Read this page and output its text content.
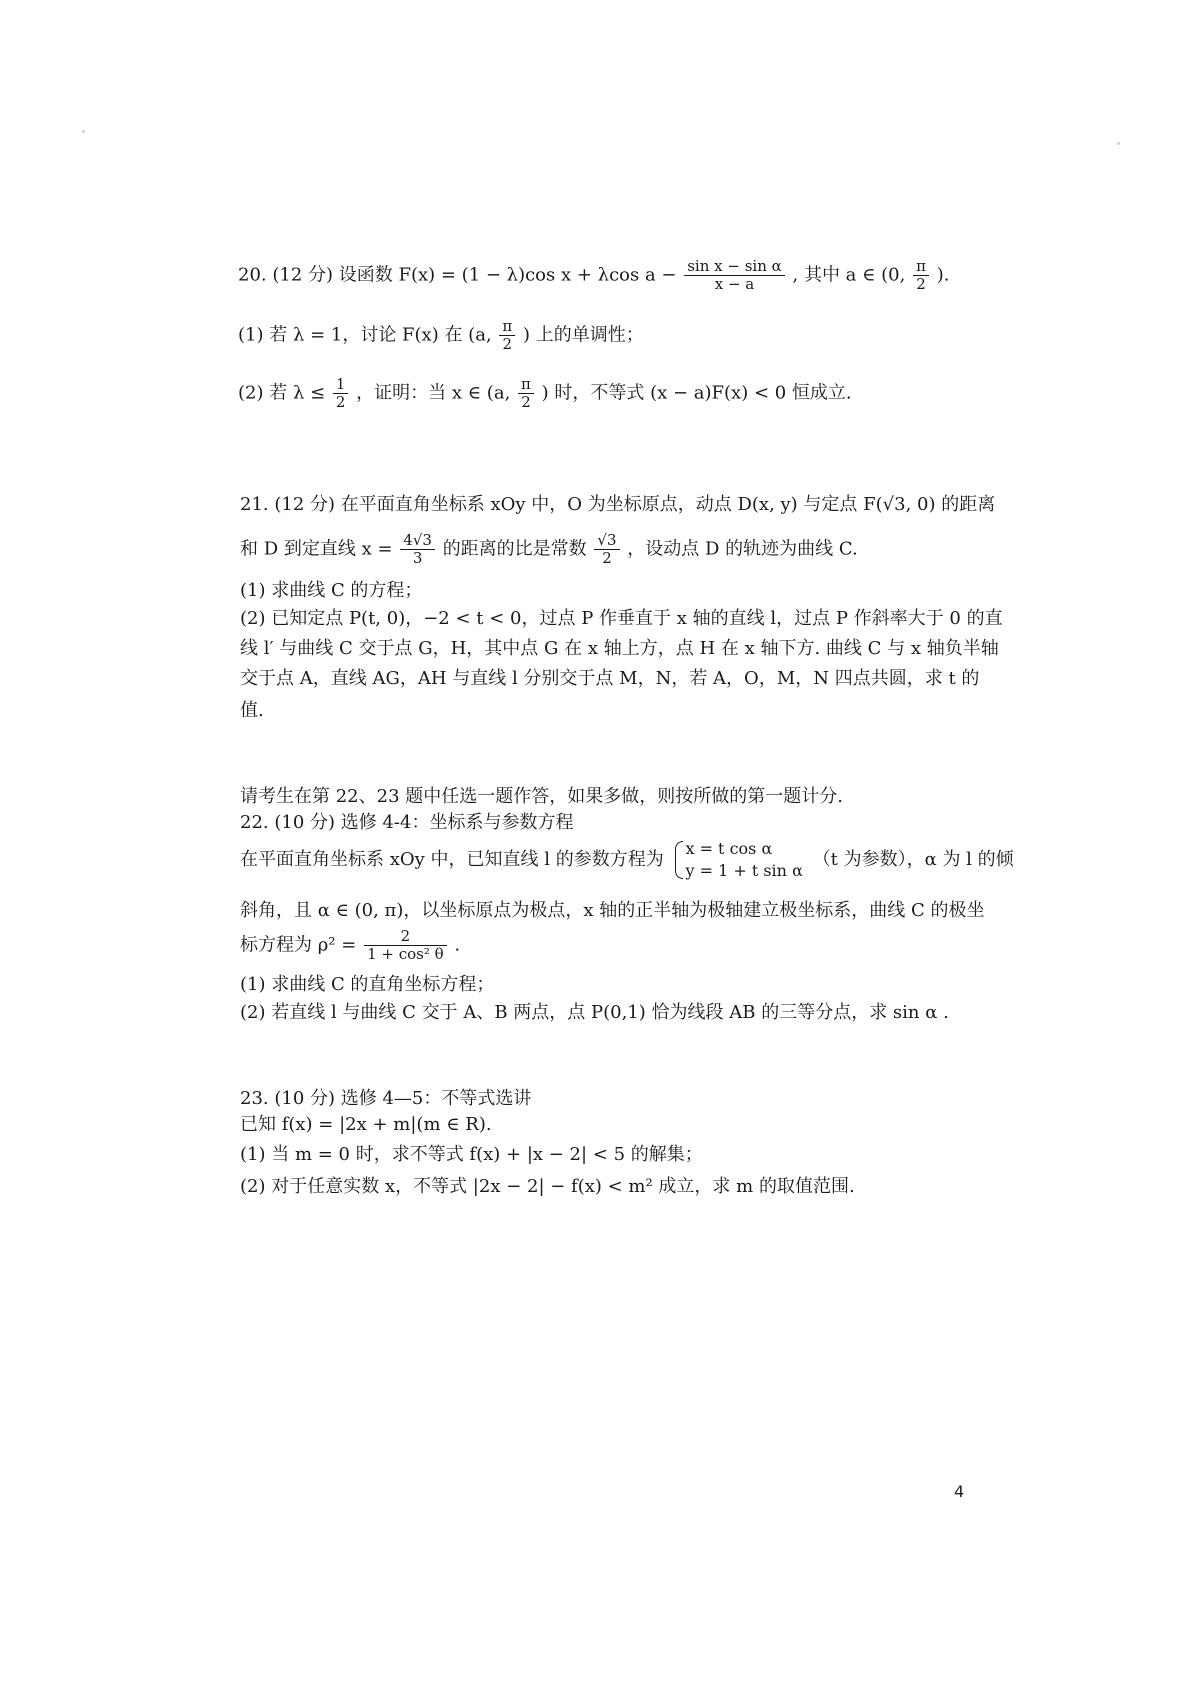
20. (12 分) 设函数 F(x) = (1 − λ)cos x + λcos $a - \frac{\text{sin x − sin α}}{x - a}$ , 其中 a ∈ (0, $\frac{\pi}{2}$ ).
(1) 若 λ = 1，讨论 F(x) 在 (a, $\frac{\pi}{2}$ ) 上的单调性；
(2) 若 $\lambda \le \frac{1}{2}$ ，证明：当 x ∈ (a, $\frac{\pi}{2}$ ) 时，不等式 (x − a)F(x) < 0 恒成立.
21. (12 分) 在平面直角坐标系 xOy 中，O 为坐标原点，动点 D(x, y) 与定点 F(√3, 0) 的距离
和 D 到定直线 $x = \frac{4√3}{3}$ 的距离的比是常数 $\frac{√3}{2}$ ，设动点 D 的轨迹为曲线 C.
(1) 求曲线 C 的方程；
(2) 已知定点 P(t, 0)，−2 < t < 0，过点 P 作垂直于 x 轴的直线 l，过点 P 作斜率大于 0 的直
线 l′ 与曲线 C 交于点 G，H，其中点 G 在 x 轴上方，点 H 在 x 轴下方. 曲线 C 与 x 轴负半轴
交于点 A，直线 AG，AH 与直线 l 分别交于点 M，N，若 A，O，M，N 四点共圆，求 t 的
值.
请考生在第 22、23 题中任选一题作答，如果多做，则按所做的第一题计分.
22. (10 分) 选修 4-4：坐标系与参数方程
在平面直角坐标系 xOy 中，已知直线 l 的参数方程为
x = t cos α
y = 1 + t sin α
（t 为参数），α 为 l 的倾
斜角，且 α ∈ (0, π)，以坐标原点为极点，x 轴的正半轴为极轴建立极坐标系，曲线 C 的极坐
标方程为 $\rho^2 = \frac{2}{\text{1 + cos² θ}}$ .
(1) 求曲线 C 的直角坐标方程；
(2) 若直线 l 与曲线 C 交于 A、B 两点，点 P(0,1) 恰为线段 AB 的三等分点，求 sin α .
23. (10 分) 选修 4—5：不等式选讲
已知 f(x) = |2x + m|(m ∈ R).
(1) 当 m = 0 时，求不等式 f(x) + |x − 2| < 5 的解集；
(2) 对于任意实数 x，不等式 |2x − 2| − f(x) < m² 成立，求 m 的取值范围.
4
